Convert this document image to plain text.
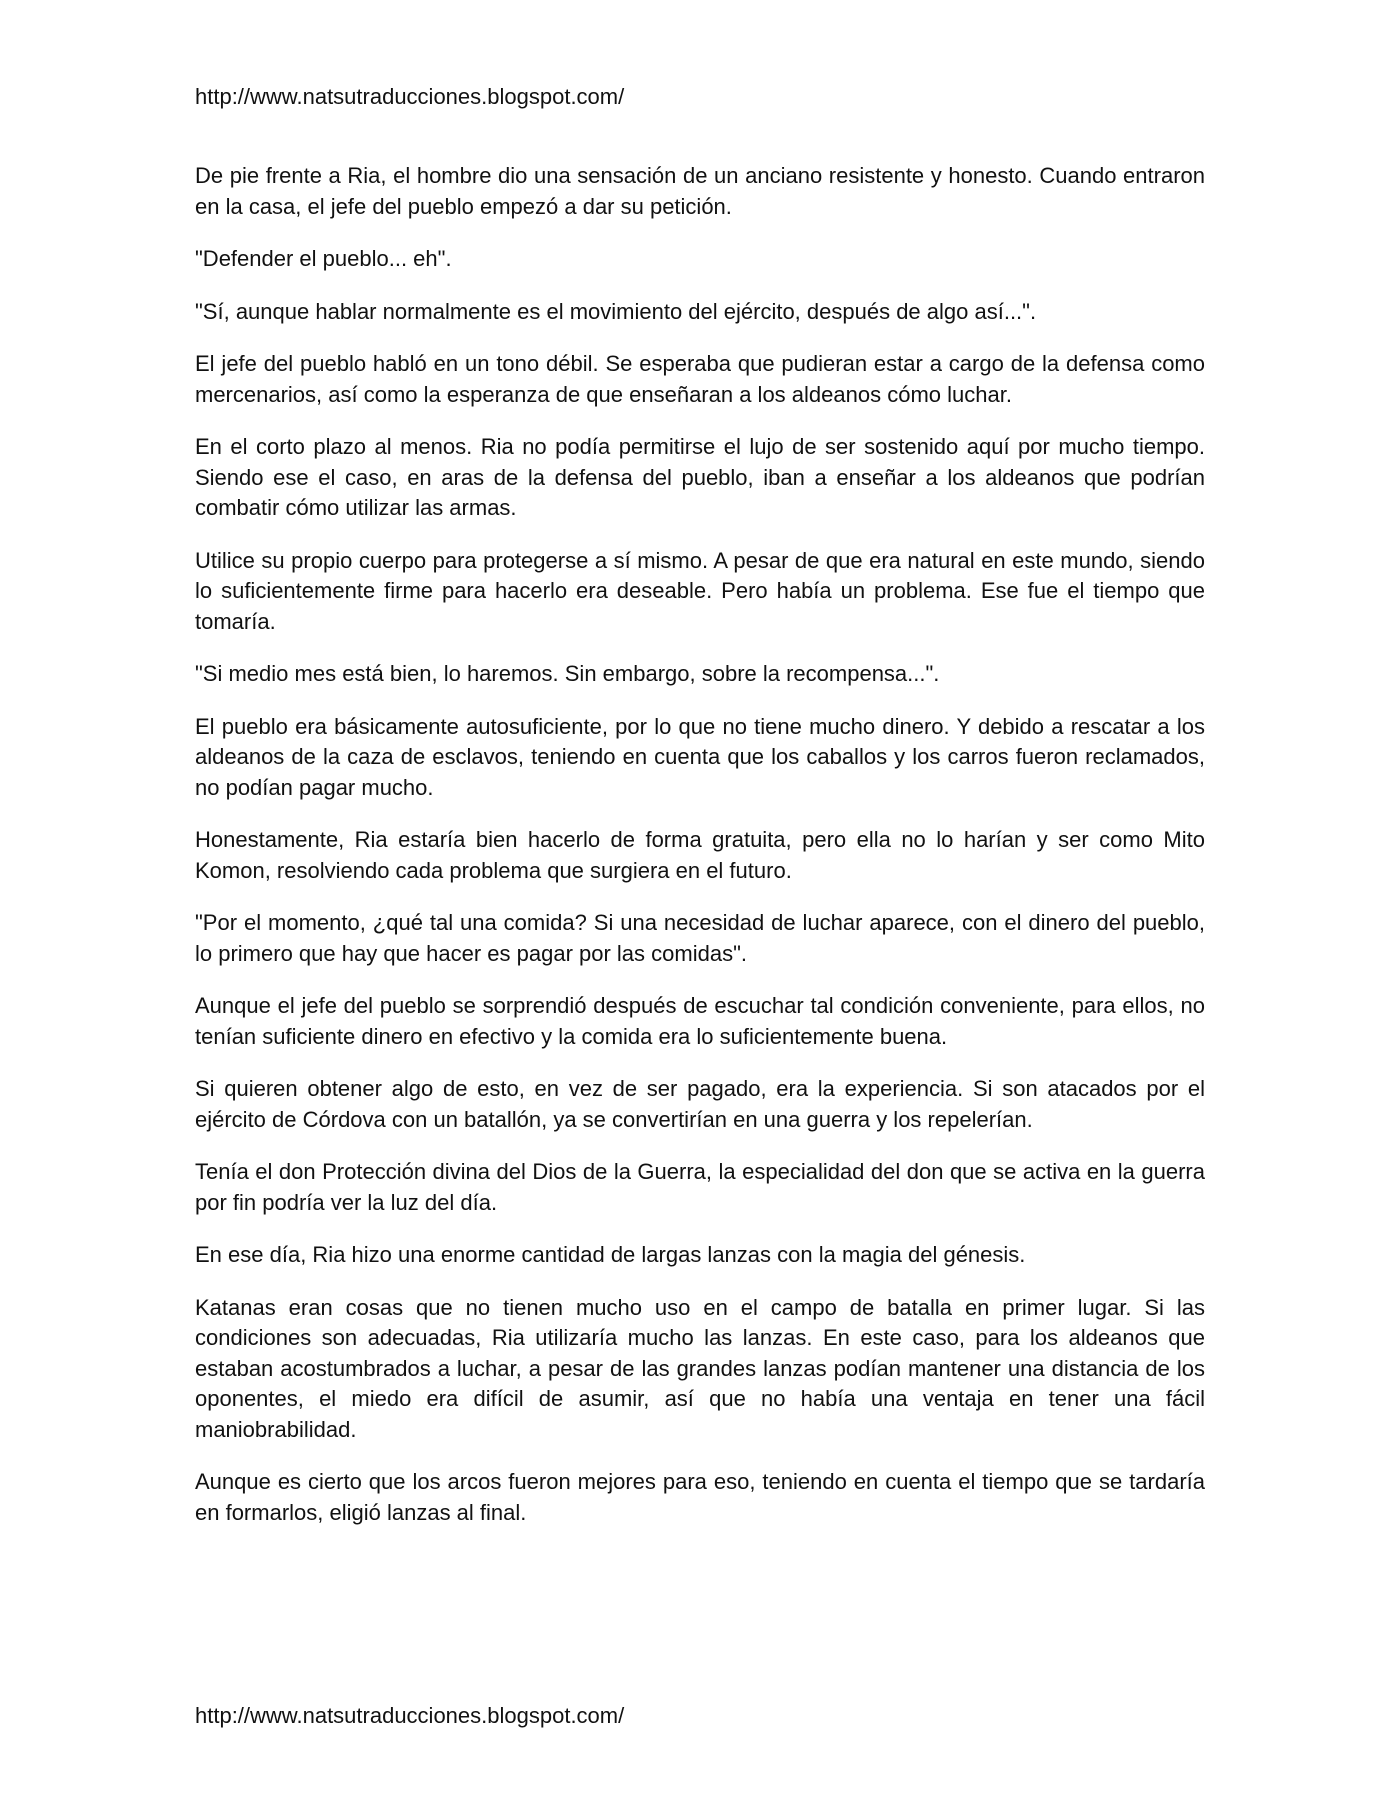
http://www.natsutraducciones.blogspot.com/

De pie frente a Ria, el hombre dio una sensación de un anciano resistente y honesto. Cuando entraron en la casa, el jefe del pueblo empezó a dar su petición.

"Defender el pueblo... eh".

"Sí, aunque hablar normalmente es el movimiento del ejército, después de algo así...".

El jefe del pueblo habló en un tono débil. Se esperaba que pudieran estar a cargo de la defensa como mercenarios, así como la esperanza de que enseñaran a los aldeanos cómo luchar.

En el corto plazo al menos. Ria no podía permitirse el lujo de ser sostenido aquí por mucho tiempo. Siendo ese el caso, en aras de la defensa del pueblo, iban a enseñar a los aldeanos que podrían combatir cómo utilizar las armas.

Utilice su propio cuerpo para protegerse a sí mismo. A pesar de que era natural en este mundo, siendo lo suficientemente firme para hacerlo era deseable. Pero había un problema. Ese fue el tiempo que tomaría.

"Si medio mes está bien, lo haremos. Sin embargo, sobre la recompensa...".

El pueblo era básicamente autosuficiente, por lo que no tiene mucho dinero. Y debido a rescatar a los aldeanos de la caza de esclavos, teniendo en cuenta que los caballos y los carros fueron reclamados, no podían pagar mucho.

Honestamente, Ria estaría bien hacerlo de forma gratuita, pero ella no lo harían y ser como Mito Komon, resolviendo cada problema que surgiera en el futuro.

"Por el momento, ¿qué tal una comida? Si una necesidad de luchar aparece, con el dinero del pueblo, lo primero que hay que hacer es pagar por las comidas".

Aunque el jefe del pueblo se sorprendió después de escuchar tal condición conveniente, para ellos, no tenían suficiente dinero en efectivo y la comida era lo suficientemente buena.

Si quieren obtener algo de esto, en vez de ser pagado, era la experiencia. Si son atacados por el ejército de Córdova con un batallón, ya se convertirían en una guerra y los repelerían.

Tenía el don Protección divina del Dios de la Guerra, la especialidad del don que se activa en la guerra por fin podría ver la luz del día.

En ese día, Ria hizo una enorme cantidad de largas lanzas con la magia del génesis.

Katanas eran cosas que no tienen mucho uso en el campo de batalla en primer lugar. Si las condiciones son adecuadas, Ria utilizaría mucho las lanzas. En este caso, para los aldeanos que estaban acostumbrados a luchar, a pesar de las grandes lanzas podían mantener una distancia de los oponentes, el miedo era difícil de asumir, así que no había una ventaja en tener una fácil maniobrabilidad.

Aunque es cierto que los arcos fueron mejores para eso, teniendo en cuenta el tiempo que se tardaría en formarlos, eligió lanzas al final.

http://www.natsutraducciones.blogspot.com/
